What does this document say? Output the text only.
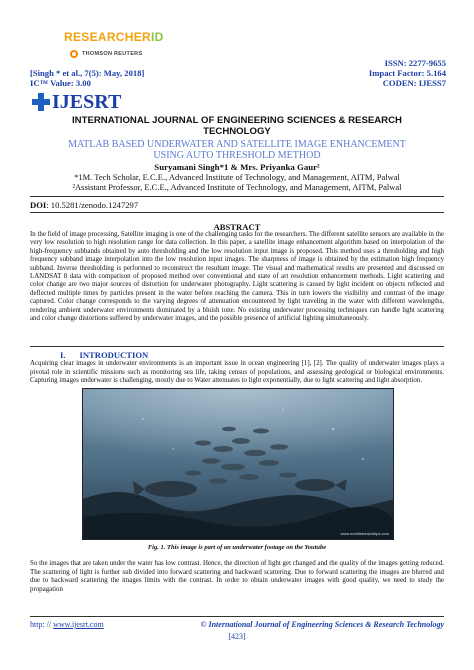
RESEARCHERID
THOMSON REUTERS
[Singh * et al., 7(5): May, 2018]
IC™ Value: 3.00
ISSN: 2277-9655
Impact Factor: 5.164
CODEN: IJESS7
IJESRT
INTERNATIONAL JOURNAL OF ENGINEERING SCIENCES & RESEARCH
TECHNOLOGY
MATLAB BASED UNDERWATER AND SATELLITE IMAGE ENHANCEMENT
USING AUTO THRESHOLD METHOD
Suryamani Singh*1 & Mrs. Priyanka Gaur²
*1M. Tech Scholar, E.C.E., Advanced Institute of Technology, and Management, AITM, Palwal
²Assistant Professor, E.C.E., Advanced Institute of Technology, and Management, AITM, Palwal
DOI: 10.5281/zenodo.1247297
ABSTRACT
In the field of image processing, Satellite imaging is one of the challenging tasks for the researchers. The different satellite sensors are available in the very low resolution to high resolution range for data collection. In this paper, a satellite image enhancement algorithm based on interpolation of the high-frequency subbands obtained by auto thresholding and the low resolution input image is proposed. This method uses a thresholding and high frequency subband image interpolation into the low resolution input images. The sharpness of image is obtained by the estimation high frequency subband. Inverse thresholding is performed to reconstruct the resultant image. The visual and mathematical results are presented and discussed on LANDSAT 8 data with comparison of proposed method over conventional and state of art resolution enhancement methods. Light scattering and color change are two major sources of distortion for underwater photography. Light scattering is caused by light incident on objects reflected and deflected multiple times by particles present in the water before reaching the camera. This in turn lowers the visibility and contrast of the image captured. Color change corresponds to the varying degrees of attenuation encountered by light traveling in the water with different wavelengths, rendering ambient underwater environments dominated by a bluish tone. No existing underwater processing techniques can handle light scattering and color change distortions suffered by underwater images, and the possible presence of artificial lighting simultaneously.
I. INTRODUCTION
Acquiring clear images in underwater environments is an important issue in ocean engineering [1], [2]. The quality of underwater images plays a pivotal role in scientific missions such as monitoring sea life, taking census of populations, and assessing geological or biological environments. Capturing images underwater is challenging, mostly due to Water attenuates to light exponentially, due to light scattering and light absorption.
www.mobilebeachtrips.com
Fig. 1. This image is part of an underwater footage on the Youtube
So the images that are taken under the water has low contrast. Hence, the direction of light get changed and the quality of the images getting reduced. The scattering of light is further sub divided into forward scattering and backward scattering. Due to forward scattering the images are blurred and due to backward scattering the images limits with the contrast. In order to obtain underwater images with good quality, we need to study the propagation
http: // www.ijesrt.com	© International Journal of Engineering Sciences & Research Technology
[423]
